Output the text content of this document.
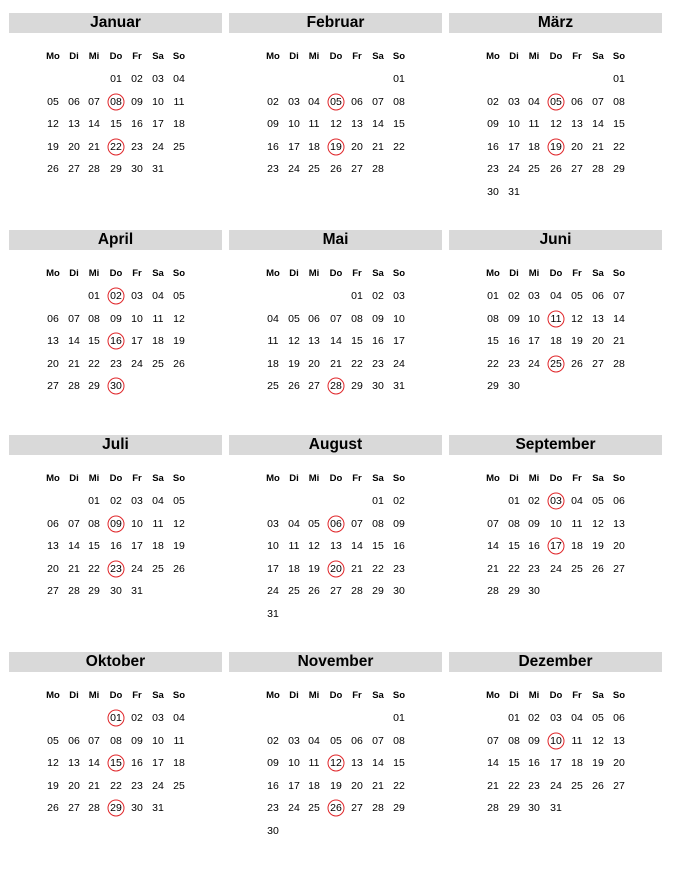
Januar
Mo Di Mi Do Fr Sa So
01 02 03 04
05 06 07 08 09 10 11
12 13 14 15 16 17 18
19 20 21 22 23 24 25
26 27 28 29 30 31
Februar
Mo Di Mi Do Fr Sa So
01
02 03 04 05 06 07 08
09 10 11 12 13 14 15
16 17 18 19 20 21 22
23 24 25 26 27 28
März
Mo Di Mi Do Fr Sa So
01
02 03 04 05 06 07 08
09 10 11 12 13 14 15
16 17 18 19 20 21 22
23 24 25 26 27 28 29
30 31
April
Mo Di Mi Do Fr Sa So
01 02 03 04 05
06 07 08 09 10 11 12
13 14 15 16 17 18 19
20 21 22 23 24 25 26
27 28 29 30
Mai
Mo Di Mi Do Fr Sa So
01 02 03
04 05 06 07 08 09 10
11 12 13 14 15 16 17
18 19 20 21 22 23 24
25 26 27 28 29 30 31
Juni
Mo Di Mi Do Fr Sa So
01 02 03 04 05 06 07
08 09 10 11 12 13 14
15 16 17 18 19 20 21
22 23 24 25 26 27 28
29 30
Juli
Mo Di Mi Do Fr Sa So
01 02 03 04 05
06 07 08 09 10 11 12
13 14 15 16 17 18 19
20 21 22 23 24 25 26
27 28 29 30 31
August
Mo Di Mi Do Fr Sa So
01 02
03 04 05 06 07 08 09
10 11 12 13 14 15 16
17 18 19 20 21 22 23
24 25 26 27 28 29 30
31
September
Mo Di Mi Do Fr Sa So
01 02 03 04 05 06
07 08 09 10 11 12 13
14 15 16 17 18 19 20
21 22 23 24 25 26 27
28 29 30
Oktober
Mo Di Mi Do Fr Sa So
01 02 03 04
05 06 07 08 09 10 11
12 13 14 15 16 17 18
19 20 21 22 23 24 25
26 27 28 29 30 31
November
Mo Di Mi Do Fr Sa So
01
02 03 04 05 06 07 08
09 10 11 12 13 14 15
16 17 18 19 20 21 22
23 24 25 26 27 28 29
30
Dezember
Mo Di Mi Do Fr Sa So
01 02 03 04 05 06
07 08 09 10 11 12 13
14 15 16 17 18 19 20
21 22 23 24 25 26 27
28 29 30 31
